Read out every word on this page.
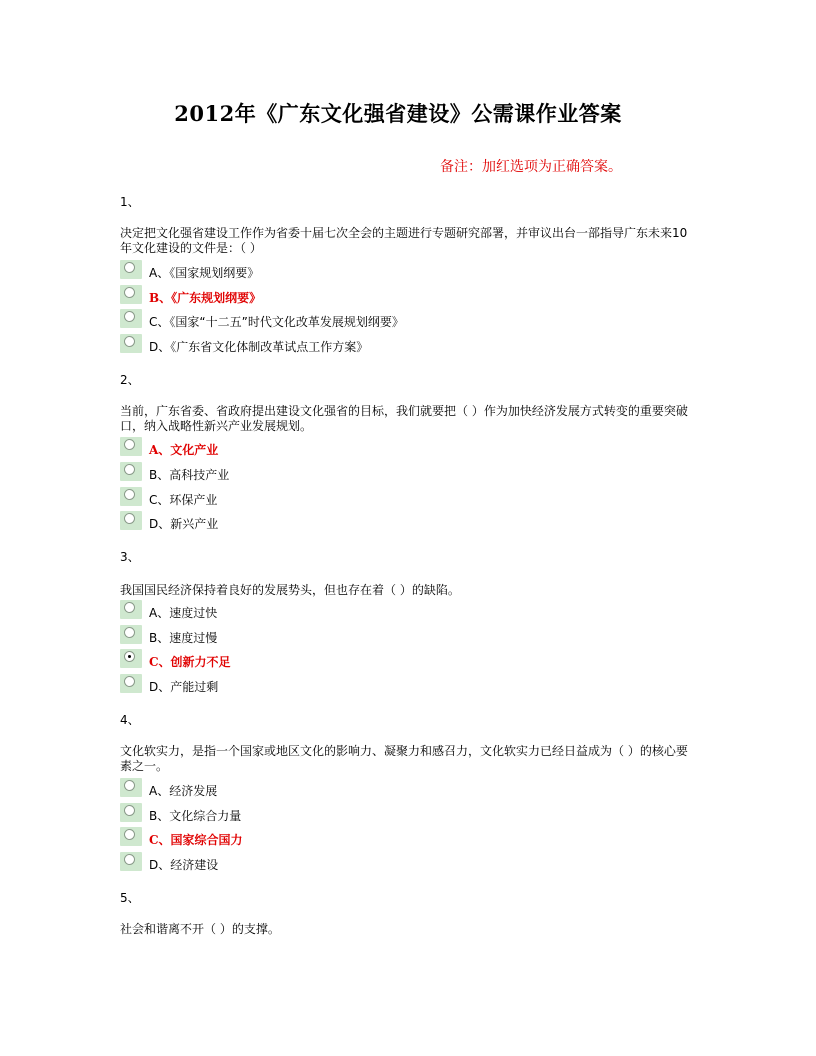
2012年《广东文化强省建设》公需课作业答案
备注：加红选项为正确答案。
1、
决定把文化强省建设工作作为省委十届七次全会的主题进行专题研究部署，并审议出台一部指导广东未来10年文化建设的文件是：（ ）
A、《国家规划纲要》
B、《广东规划纲要》
C、《国家“十二五”时代文化改革发展规划纲要》
D、《广东省文化体制改革试点工作方案》
2、
当前，广东省委、省政府提出建设文化强省的目标，我们就要把（ ）作为加快经济发展方式转变的重要突破口，纳入战略性新兴产业发展规划。
A、文化产业
B、高科技产业
C、环保产业
D、新兴产业
3、
我国国民经济保持着良好的发展势头，但也存在着（ ）的缺陷。
A、速度过快
B、速度过慢
C、创新力不足
D、产能过剩
4、
文化软实力，是指一个国家或地区文化的影响力、凝聚力和感召力，文化软实力已经日益成为（ ）的核心要素之一。
A、经济发展
B、文化综合力量
C、国家综合国力
D、经济建设
5、
社会和谐离不开（ ）的支撑。
